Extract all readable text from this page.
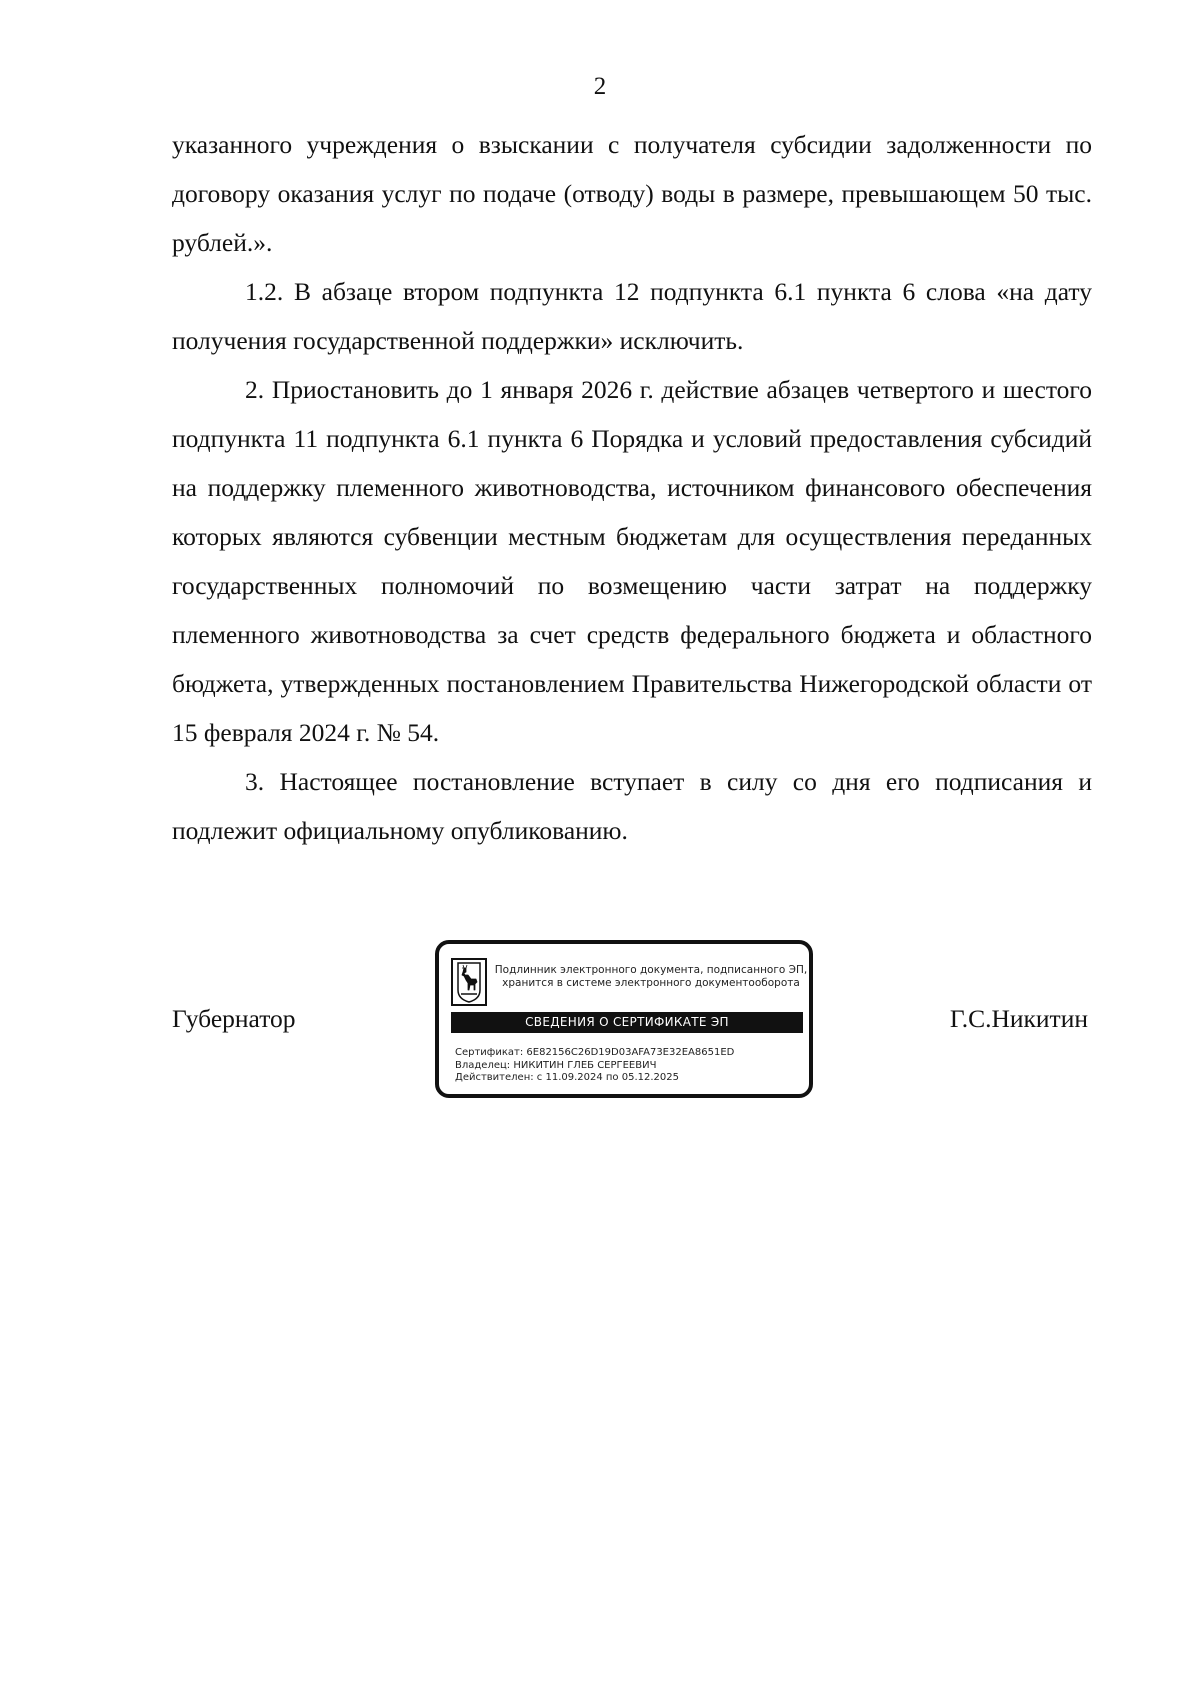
2

указанного учреждения о взыскании с получателя субсидии задолженности по договору оказания услуг по подаче (отводу) воды в размере, превышающем 50 тыс. рублей.».

1.2. В абзаце втором подпункта 12 подпункта 6.1 пункта 6 слова «на дату получения государственной поддержки» исключить.

2. Приостановить до 1 января 2026 г. действие абзацев четвертого и шестого подпункта 11 подпункта 6.1 пункта 6 Порядка и условий предоставления субсидий на поддержку племенного животноводства, источником финансового обеспечения которых являются субвенции местным бюджетам для осуществления переданных государственных полномочий по возмещению части затрат на поддержку племенного животноводства за счет средств федерального бюджета и областного бюджета, утвержденных постановлением Правительства Нижегородской области от 15 февраля 2024 г. № 54.

3. Настоящее постановление вступает в силу со дня его подписания и подлежит официальному опубликованию.

Губернатор
Подлинник электронного документа, подписанного ЭП,
хранится в системе электронного документооборота
СВЕДЕНИЯ О СЕРТИФИКАТЕ ЭП
Сертификат: 6E82156C26D19D03AFA73E32EA8651ED
Владелец: НИКИТИН ГЛЕБ СЕРГЕЕВИЧ
Действителен: с 11.09.2024 по 05.12.2025
Г.С.Никитин
